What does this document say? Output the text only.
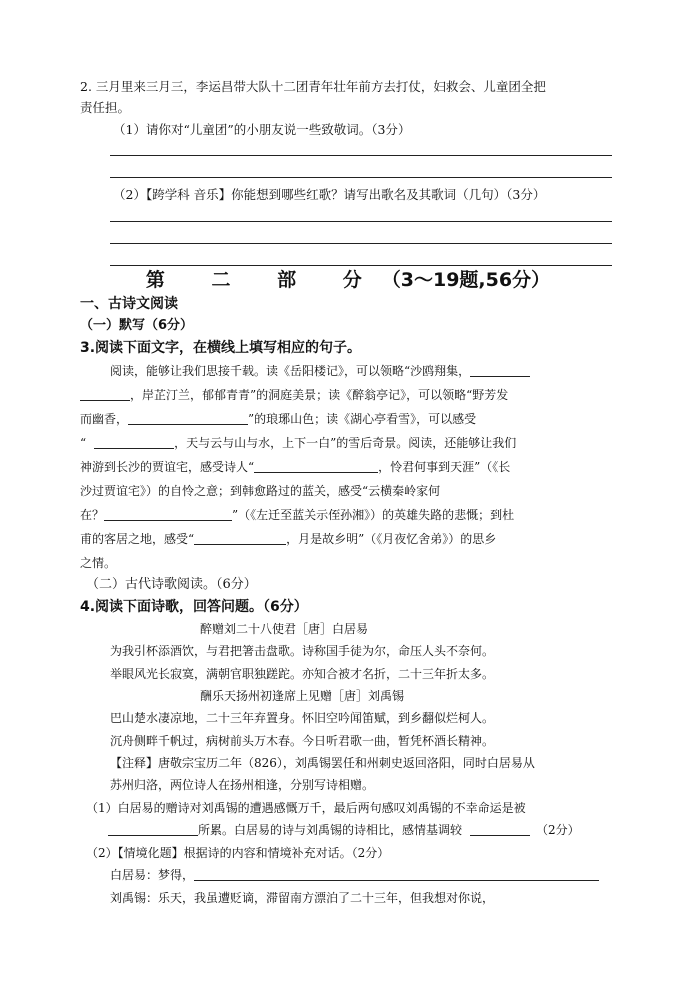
2. 三月里来三月三，李运昌带大队十二团青年壮年前方去打仗，妇救会、儿童团全把
责任担。
（1）请你对“儿童团”的小朋友说一些致敬词。（3分）
（2）【跨学科 音乐】你能想到哪些红歌？请写出歌名及其歌词（几句）（3分）
第 二 部 分（3～19题,56分）
一、古诗文阅读
（一）默写（6分）
3.阅读下面文字，在横线上填写相应的句子。
阅读，能够让我们思接千载。读《岳阳楼记》，可以领略“沙鸥翔集，
，岸芷汀兰，郁郁青青”的洞庭美景；读《醉翁亭记》，可以领略“野芳发
而幽香，	”的琅琊山色；读《湖心亭看雪》，可以感受
“	，天与云与山与水，上下一白”的雪后奇景。阅读，还能够让我们
神游到长沙的贾谊宅，感受诗人“	，怜君何事到天涯”（《长
沙过贾谊宅》）的自怜之意；到韩愈路过的蓝关，感受“云横秦岭家何
在？	”（《左迁至蓝关示侄孙湘》）的英雄失路的悲慨；到杜
甫的客居之地，感受“	，月是故乡明”（《月夜忆舍弟》）的思乡
之情。
（二）古代诗歌阅读。（6分）
4.阅读下面诗歌，回答问题。（6分）
醉赠刘二十八使君［唐］白居易
为我引杯添酒饮，与君把箸击盘歌。诗称国手徒为尔，命压人头不奈何。
举眼风光长寂寞，满朝官职独蹉跎。亦知合被才名折，二十三年折太多。
酬乐天扬州初逢席上见赠［唐］刘禹锡
巴山楚水凄凉地，二十三年弃置身。怀旧空吟闻笛赋，到乡翻似烂柯人。
沉舟侧畔千帆过，病树前头万木春。今日听君歌一曲，暂凭杯酒长精神。
【注释】唐敬宗宝历二年（826），刘禹锡罢任和州刺史返回洛阳，同时白居易从
苏州归洛，两位诗人在扬州相逢，分别写诗相赠。
（1）白居易的赠诗对刘禹锡的遭遇感慨万千，最后两句感叹刘禹锡的不幸命运是被
所累。白居易的诗与刘禹锡的诗相比，感情基调较	（2分）
（2）【情境化题】根据诗的内容和情境补充对话。（2分）
白居易：梦得，
刘禹锡：乐天，我虽遭贬谪，滞留南方漂泊了二十三年，但我想对你说，
